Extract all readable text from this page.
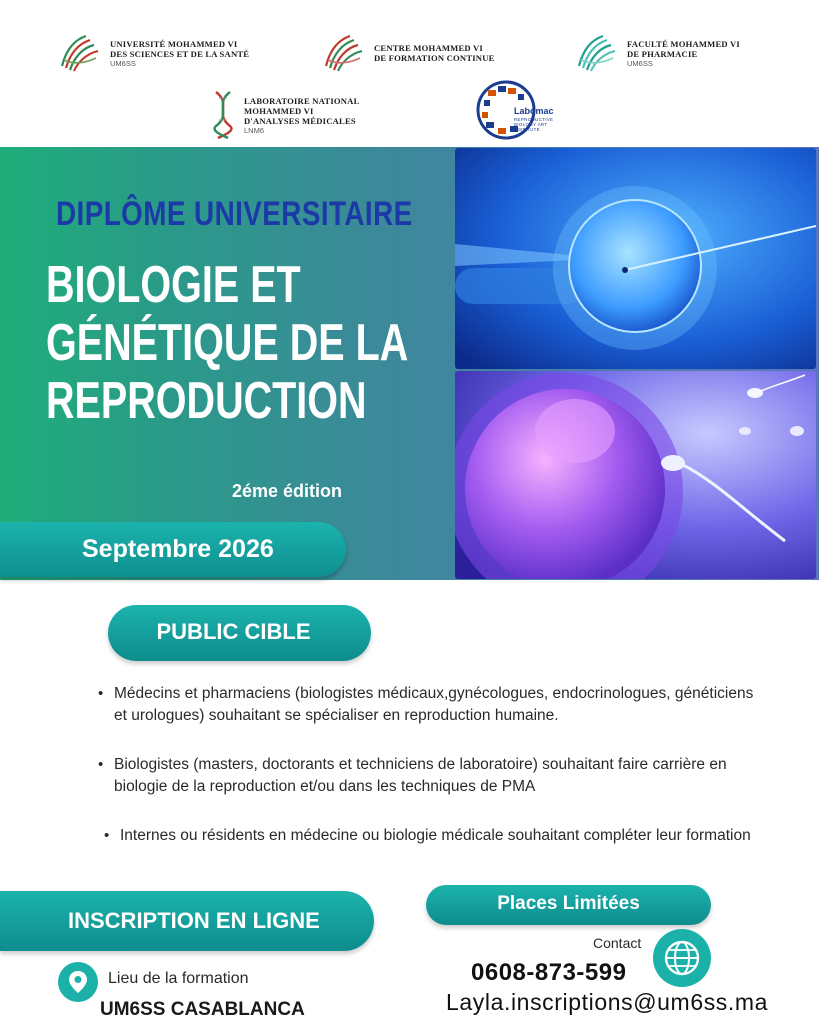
UNIVERSITÉ MOHAMMED VI
DES SCIENCES ET DE LA SANTÉ
UM6SS
CENTRE MOHAMMED VI
DE FORMATION CONTINUE
FACULTÉ MOHAMMED VI
DE PHARMACIE
UM6SS
LABORATOIRE NATIONAL
MOHAMMED VI
D'ANALYSES MÉDICALES
LNM6
Labomac
REPRODUCTIVE BIOLOGY ART INSTITUTE
DIPLÔME UNIVERSITAIRE
BIOLOGIE ET
GÉNÉTIQUE DE LA
REPRODUCTION
2éme édition
Septembre 2026
PUBLIC CIBLE
• Médecins et pharmaciens (biologistes médicaux,gynécologues, endocrinologues, généticiens et urologues) souhaitant se spécialiser en reproduction humaine.
• Biologistes (masters, doctorants et techniciens de laboratoire) souhaitant faire carrière en biologie de la reproduction et/ou dans les techniques de PMA
• Internes ou résidents en médecine ou biologie médicale souhaitant compléter leur formation
INSCRIPTION EN LIGNE
Places Limitées
Lieu de la formation
UM6SS CASABLANCA
Contact
0608-873-599
Layla.inscriptions@um6ss.ma
